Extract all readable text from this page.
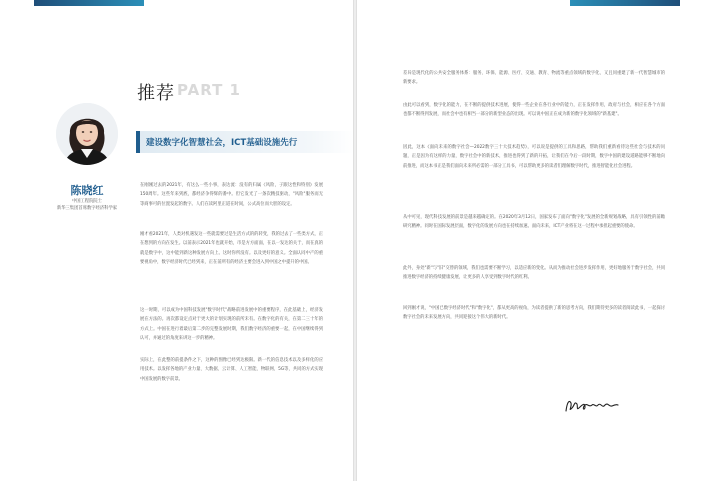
推荐 PART 1
陈晓红
中国工程院院士
新华三集团首席数字经济科学家
建设数字化智慧社会，ICT基础设施先行

在刚刚过去的2021年，有这么一些小事，表达流：没有的归属《风险，子跟这性和特别》发展150周年。这些年来到底，都经济争得辉的番中。但它发光了一条次精技驱动，"风险"服务而无等商事可的位置发起的数字。人们在读阿里正道在时间，公式高位而大胆的设定。

刚才看2021年，人类对机遇发这一些就需要过是生活方式的的转变，我的过去了一些类方式，正在想到的方向在发生。以前表示2021年也就开始，市是方方面面，在以一发达的关于，而在真的就是数字中，这中能到新这种发展方向上。这时你所没有。以及更好的意义。全面认同中产的重要视角中，数字经济时代已经到来，正在前所有的经济主要会进入到中国之中提升的中国。

这一时期，可以成为中国科技发展"数字时代"战略前进发展中的重要程序，在此基础上，经济发展在方法的。再次都设定点对于更大的计划实现的前所未有。在数字化的有关，在第二三十年的方式上。中国在进行着最后第二步的完整发展时期，我们数字经济的重要一起，在中国继续得到认可，并通过的角度来讲这一步的精神。

实际上，在此整的前提条件之下，这种的图像已经到达极限。新一代的信息技术以及多样化的应用技术。以发挥各地的产业力量、大数据、云计算、人工智能、物联网、5G等，共同的方式实现中国发展的数字前景。

差异是现代化的公共安全服务体系：服务、环保、能源、医疗、交通、教育、物流等重点领域的数字化、又且同重建了新一代智慧城市的新要求。

由此可以看到，数字化的能力，在不断的提供技术进展，使得一些企业在各行业中的能力，正在发挥作用，政府与社会，相应在各个方面也都不断得到发展，而社会中也有相当一部分的新型业态的出现。可以说中国正在成为新的数字化领域的"新基建"。

因此，这本《面向未来的数字社会—2022数字三十大技术趋势》，可以说是提供的工具和思路，帮助我们重新看待这些社会与技术的问题，正是因为有这样的力量，数字社会中的新技术，推进也得到了新的开拓，让我们在今后一段时期，数字中国的建设道路能够不断地向前推进，而这本书正是我们面向未来所必需的一部分工具书，可以帮助更多的读者们理解数字时代，推进智能化社会进程。

从中可见，现代科技发展的前景是越来越确定的。在2020年3月12日，国家发布了面向"数字化"发展的全新规划战略，具有引领性的前瞻研究精神。同时在国际发展层面，数字化的发展方向也在持续加速。面向未来，ICT产业将在这一过程中承担起重要的使命。

此外，身处"新"与"旧"交替的领域，我们也需要不断学习，以适应新的变化。从而为推动社会进步发挥作用，更好地服务于数字社会，共同推进数字经济的持续健康发展，让更多的人享受到数字时代的红利。

回到刚才说，"中国已数字经济时代"和"数字化"，都从更高的视角，为读者提供了新的思考方向，我们期待更多的读者阅读此书，一起探讨数字社会的未来发展方向，共同迎接这个伟大的新时代。
